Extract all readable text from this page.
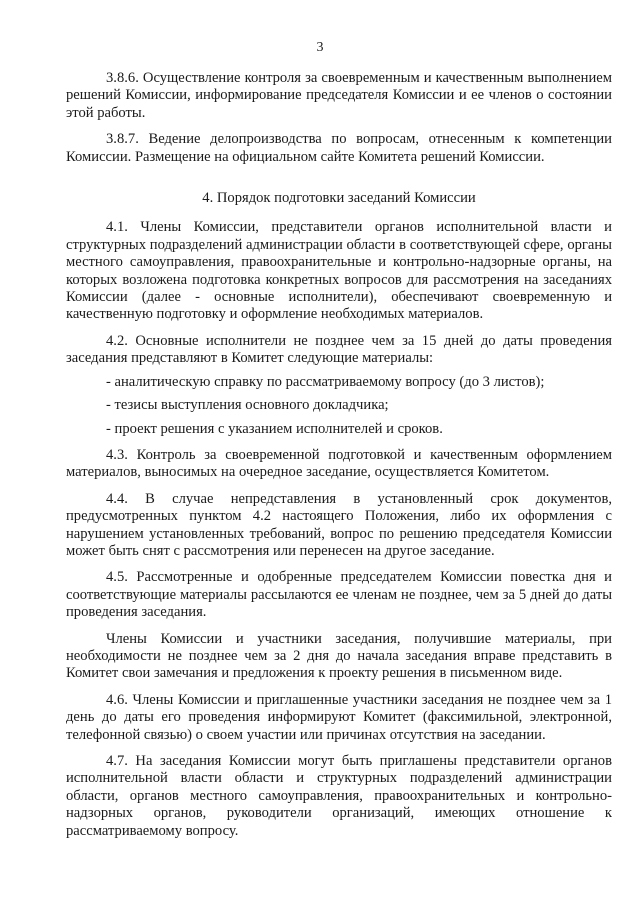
3

3.8.6. Осуществление контроля за своевременным и качественным выполнением решений Комиссии, информирование председателя Комиссии и ее членов о состоянии этой работы.

3.8.7. Ведение делопроизводства по вопросам, отнесенным к компетенции Комиссии. Размещение на официальном сайте Комитета решений Комиссии.

4. Порядок подготовки заседаний Комиссии

4.1. Члены Комиссии, представители органов исполнительной власти и структурных подразделений администрации области в соответствующей сфере, органы местного самоуправления, правоохранительные и контрольно-надзорные органы, на которых возложена подготовка конкретных вопросов для рассмотрения на заседаниях Комиссии (далее - основные исполнители), обеспечивают своевременную и качественную подготовку и оформление необходимых материалов.

4.2. Основные исполнители не позднее чем за 15 дней до даты проведения заседания представляют в Комитет следующие материалы:

- аналитическую справку по рассматриваемому вопросу (до 3 листов);

- тезисы выступления основного докладчика;

- проект решения с указанием исполнителей и сроков.

4.3. Контроль за своевременной подготовкой и качественным оформлением материалов, выносимых на очередное заседание, осуществляется Комитетом.

4.4. В случае непредставления в установленный срок документов, предусмотренных пунктом 4.2 настоящего Положения, либо их оформления с нарушением установленных требований, вопрос по решению председателя Комиссии может быть снят с рассмотрения или перенесен на другое заседание.

4.5. Рассмотренные и одобренные председателем Комиссии повестка дня и соответствующие материалы рассылаются ее членам не позднее, чем за 5 дней до даты проведения заседания.

Члены Комиссии и участники заседания, получившие материалы, при необходимости не позднее чем за 2 дня до начала заседания вправе представить в Комитет свои замечания и предложения к проекту решения в письменном виде.

4.6. Члены Комиссии и приглашенные участники заседания не позднее чем за 1 день до даты его проведения информируют Комитет (факсимильной, электронной, телефонной связью) о своем участии или причинах отсутствия на заседании.

4.7. На заседания Комиссии могут быть приглашены представители органов исполнительной власти области и структурных подразделений администрации области, органов местного самоуправления, правоохранительных и контрольно-надзорных органов, руководители организаций, имеющих отношение к рассматриваемому вопросу.
